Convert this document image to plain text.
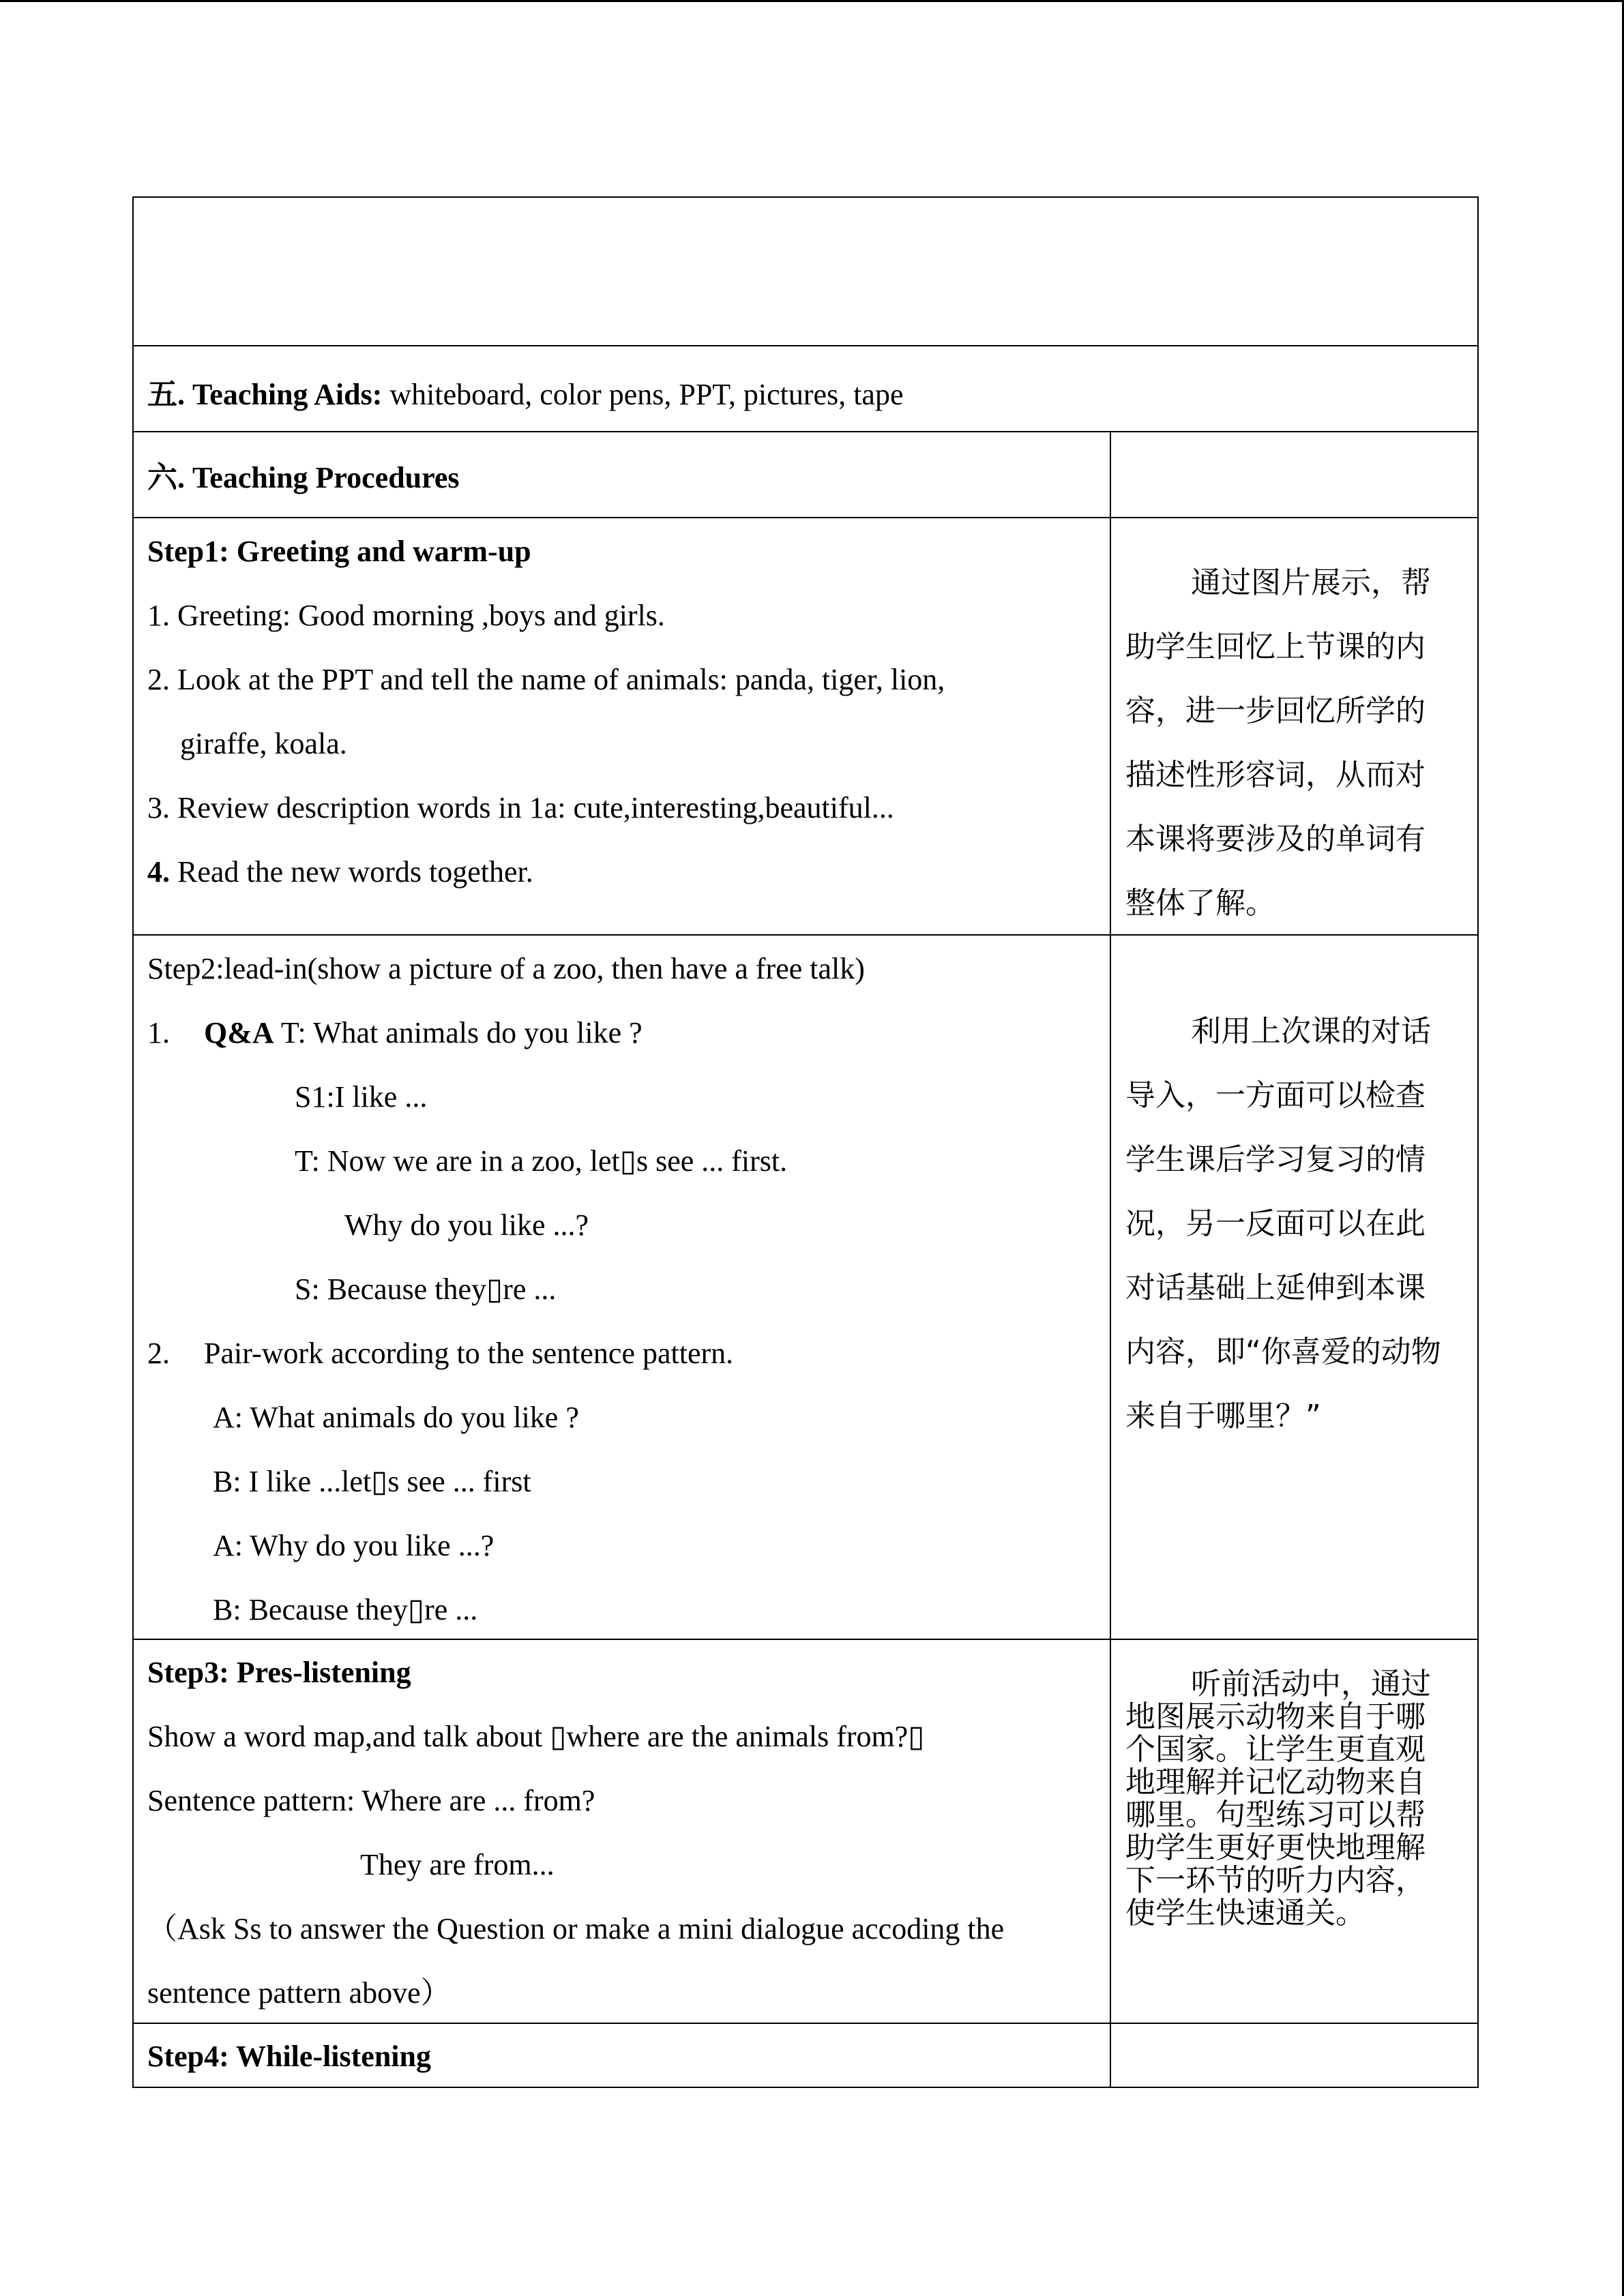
五. Teaching Aids: whiteboard, color pens, PPT, pictures, tape
六. Teaching Procedures
Step1: Greeting and warm-up
1. Greeting: Good morning ,boys and girls.
2. Look at the PPT and tell the name of animals: panda, tiger, lion,
giraffe, koala.
3. Review description words in 1a: cute,interesting,beautiful...
4. Read the new words together.
通过图片展示，帮助学生回忆上节课的内容，进一步回忆所学的描述性形容词，从而对本课将要涉及的单词有整体了解。
Step2:lead-in(show a picture of a zoo, then have a free talk)
1. Q&A T: What animals do you like ?
S1:I like ...
T: Now we are in a zoo, let▯s see ... first.
Why do you like ...?
S: Because they▯re ...
2. Pair-work according to the sentence pattern.
A: What animals do you like ?
B: I like ...let▯s see ... first
A: Why do you like ...?
B: Because they▯re ...
利用上次课的对话导入，一方面可以检查学生课后学习复习的情况，另一反面可以在此对话基础上延伸到本课内容，即“你喜爱的动物来自于哪里？”
Step3: Pres-listening
Show a word map,and talk about ▯where are the animals from?▯
Sentence pattern: Where are ... from?
They are from...
（Ask Ss to answer the Question or make a mini dialogue accoding the
sentence pattern above）
听前活动中，通过地图展示动物来自于哪个国家。让学生更直观地理解并记忆动物来自哪里。句型练习可以帮助学生更好更快地理解下一环节的听力内容，使学生快速通关。
Step4: While-listening
